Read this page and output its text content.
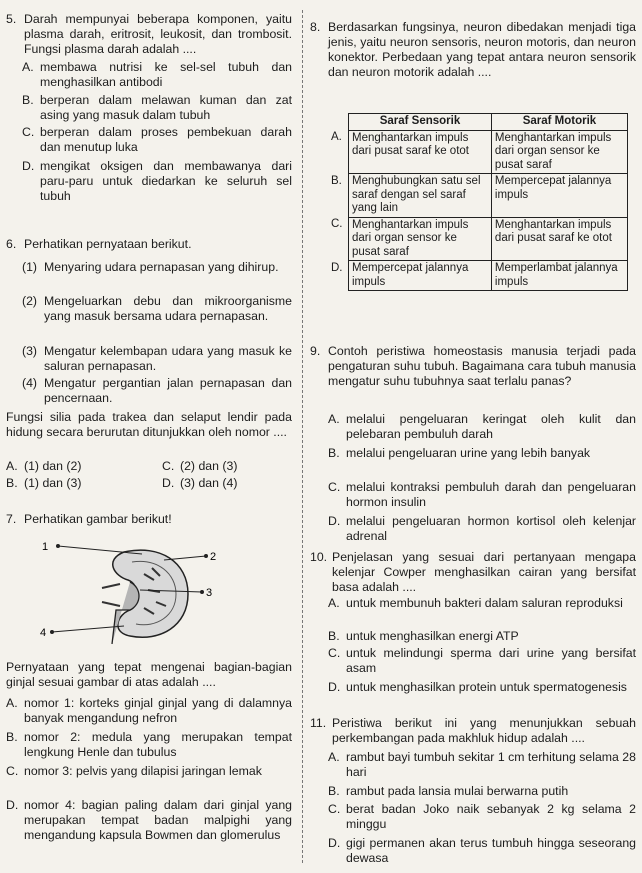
5. Darah mempunyai beberapa komponen, yaitu plasma darah, eritrosit, leukosit, dan trombosit. Fungsi plasma darah adalah ....
A. membawa nutrisi ke sel-sel tubuh dan menghasilkan antibodi
B. berperan dalam melawan kuman dan zat asing yang masuk dalam tubuh
C. berperan dalam proses pembekuan darah dan menutup luka
D. mengikat oksigen dan membawanya dari paru-paru untuk diedarkan ke seluruh sel tubuh
6. Perhatikan pernyataan berikut.
(1) Menyaring udara pernapasan yang dihirup.
(2) Mengeluarkan debu dan mikroorganisme yang masuk bersama udara pernapasan.
(3) Mengatur kelembapan udara yang masuk ke saluran pernapasan.
(4) Mengatur pergantian jalan pernapasan dan pencernaan.
Fungsi silia pada trakea dan selaput lendir pada hidung secara berurutan ditunjukkan oleh nomor ....
A. (1) dan (2)	C. (2) dan (3)
B. (1) dan (3)	D. (3) dan (4)
7. Perhatikan gambar berikut!
1
2
3
4
Pernyataan yang tepat mengenai bagian-bagian ginjal sesuai gambar di atas adalah ....
A. nomor 1: korteks ginjal ginjal yang di dalamnya banyak mengandung nefron
B. nomor 2: medula yang merupakan tempat lengkung Henle dan tubulus
C. nomor 3: pelvis yang dilapisi jaringan lemak
D. nomor 4: bagian paling dalam dari ginjal yang merupakan tempat badan malpighi yang mengandung kapsula Bowmen dan glomerulus
8. Berdasarkan fungsinya, neuron dibedakan menjadi tiga jenis, yaitu neuron sensoris, neuron motoris, dan neuron konektor. Perbedaan yang tepat antara neuron sensorik dan neuron motorik adalah ....
	Saraf Sensorik	Saraf Motorik
A.	Menghantarkan impuls dari pusat saraf ke otot	Menghantarkan impuls dari organ sensor ke pusat saraf
B.	Menghubungkan satu sel saraf dengan sel saraf yang lain	Mempercepat jalannya impuls
C.	Menghantarkan impuls dari organ sensor ke pusat saraf	Menghantarkan impuls dari pusat saraf ke otot
D.	Mempercepat jalannya impuls	Memperlambat jalannya impuls
9. Contoh peristiwa homeostasis manusia terjadi pada pengaturan suhu tubuh. Bagaimana cara tubuh manusia mengatur suhu tubuhnya saat terlalu panas?
A. melalui pengeluaran keringat oleh kulit dan pelebaran pembuluh darah
B. melalui pengeluaran urine yang lebih banyak
C. melalui kontraksi pembuluh darah dan pengeluaran hormon insulin
D. melalui pengeluaran hormon kortisol oleh kelenjar adrenal
10. Penjelasan yang sesuai dari pertanyaan mengapa kelenjar Cowper menghasilkan cairan yang bersifat basa adalah ....
A. untuk membunuh bakteri dalam saluran reproduksi
B. untuk menghasilkan energi ATP
C. untuk melindungi sperma dari urine yang bersifat asam
D. untuk menghasilkan protein untuk spermatogenesis
11. Peristiwa berikut ini yang menunjukkan sebuah perkembangan pada makhluk hidup adalah ....
A. rambut bayi tumbuh sekitar 1 cm terhitung selama 28 hari
B. rambut pada lansia mulai berwarna putih
C. berat badan Joko naik sebanyak 2 kg selama 2 minggu
D. gigi permanen akan terus tumbuh hingga seseorang dewasa
